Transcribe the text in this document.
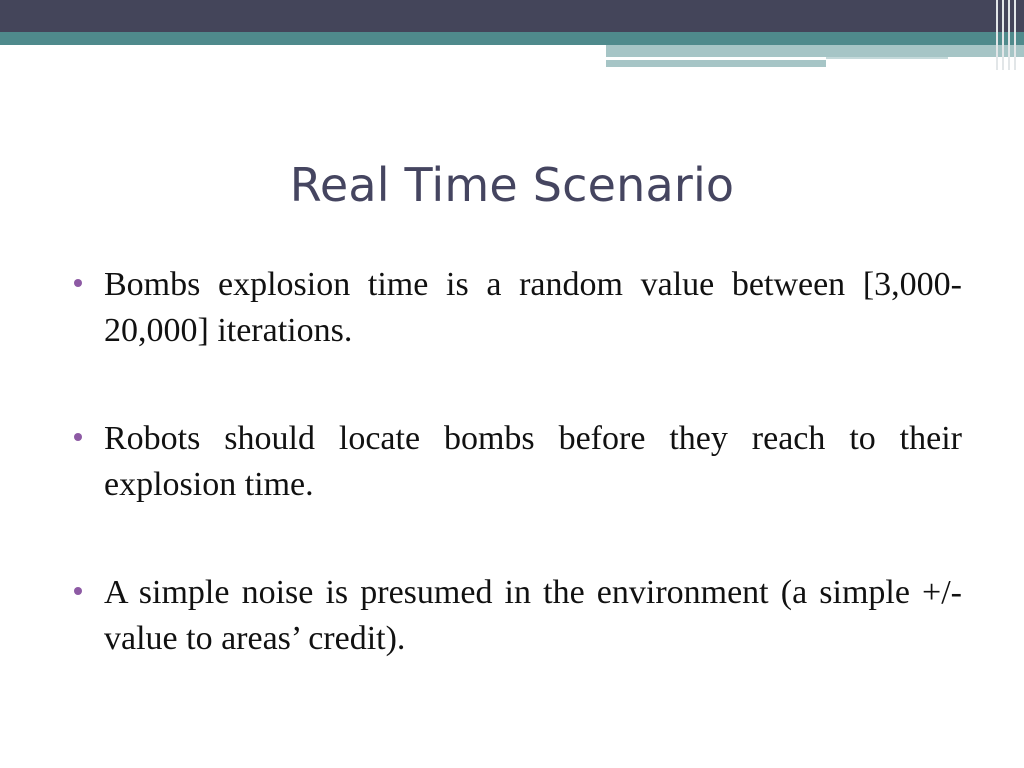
Real Time Scenario
Bombs explosion time is a random value between [3,000-20,000] iterations.
Robots should locate bombs before they reach to their explosion time.
A simple noise is presumed in the environment (a simple +/- value to areas’ credit).
